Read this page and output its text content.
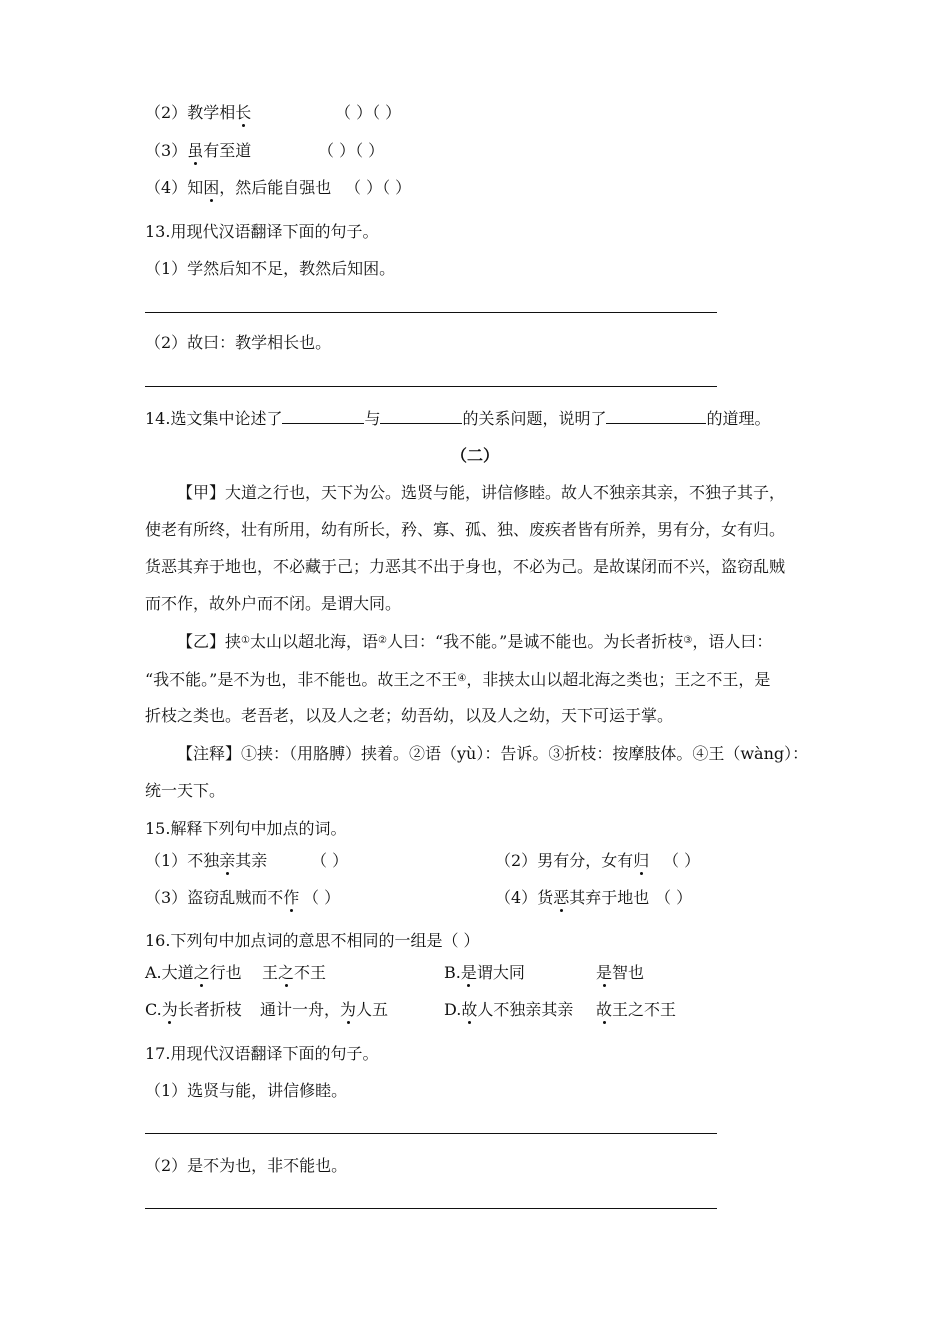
（2）教学相长	（ ）（ ）
（3）虽有至道	（ ）（ ）
（4）知困，然后能自强也 （ ）（ ）
13.用现代汉语翻译下面的句子。
（1）学然后知不足，教然后知困。
（2）故曰：教学相长也。
14.选文集中论述了	与	的关系问题，说明了	的道理。
（二）
【甲】大道之行也，天下为公。选贤与能，讲信修睦。故人不独亲其亲，不独子其子，
使老有所终，壮有所用，幼有所长，矜、寡、孤、独、废疾者皆有所养，男有分，女有归。
货恶其弃于地也，不必藏于己；力恶其不出于身也，不必为己。是故谋闭而不兴，盗窃乱贼
而不作，故外户而不闭。是谓大同。
【乙】挟①太山以超北海，语②人曰：“我不能。”是诚不能也。为长者折枝③，语人曰：
“我不能。”是不为也，非不能也。故王之不王④，非挟太山以超北海之类也；王之不王，是
折枝之类也。老吾老，以及人之老；幼吾幼，以及人之幼，天下可运于掌。
【注释】①挟：（用胳膊）挟着。②语（yù）：告诉。③折枝：按摩肢体。④王（wàng）：
统一天下。
15.解释下列句中加点的词。
（1）不独亲其亲	（ ）	（2）男有分，女有归 （ ）
（3）盗窃乱贼而不作 （ ）	（4）货恶其弃于地也 （ ）
16.下列句中加点词的意思不相同的一组是（ ）
A.大道之行也 王之不王	B.是谓大同	是智也
C.为长者折枝 通计一舟，为人五	D.故人不独亲其亲 故王之不王
17.用现代汉语翻译下面的句子。
（1）选贤与能，讲信修睦。
（2）是不为也，非不能也。
